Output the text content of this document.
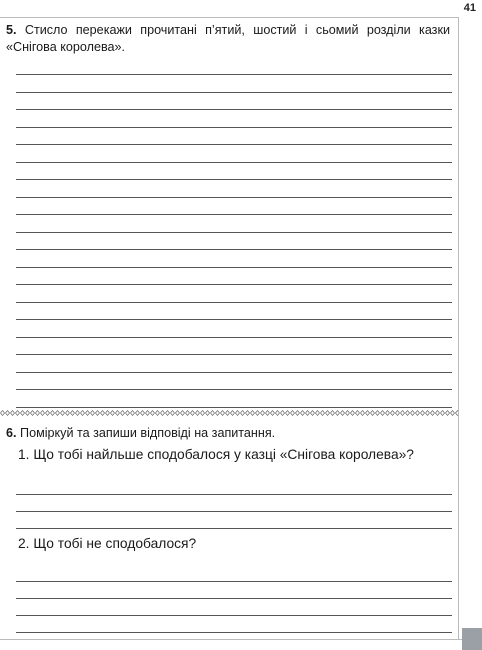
41
5. Стисло перекажи прочитані п’ятий, шостий і сьомий розділи казки «Снігова королева».
6. Поміркуй та запиши відповіді на запитання.
1. Що тобі найльше сподобалося у казці «Снігова королева»?
2. Що тобі не сподобалося?
